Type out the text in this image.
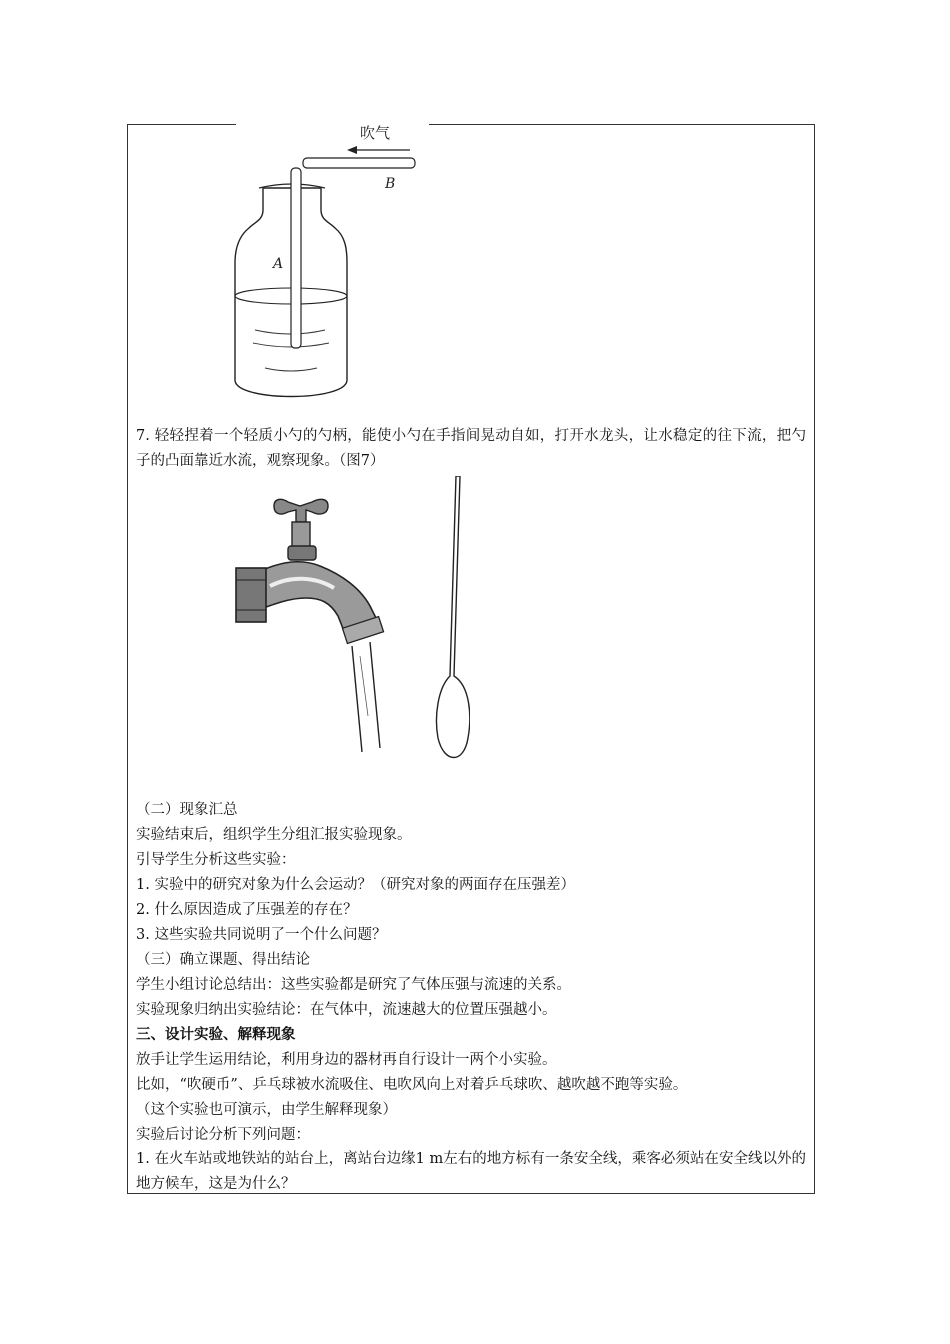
吹气
B
A
7. 轻轻捏着一个轻质小勺的勺柄，能使小勺在手指间晃动自如，打开水龙头，让水稳定的往下流，把勺子的凸面靠近水流，观察现象。（图7）
（二）现象汇总
实验结束后，组织学生分组汇报实验现象。
引导学生分析这些实验：
1. 实验中的研究对象为什么会运动？（研究对象的两面存在压强差）
2. 什么原因造成了压强差的存在？
3. 这些实验共同说明了一个什么问题？
（三）确立课题、得出结论
学生小组讨论总结出：这些实验都是研究了气体压强与流速的关系。
实验现象归纳出实验结论：在气体中，流速越大的位置压强越小。
三、设计实验、解释现象
放手让学生运用结论，利用身边的器材再自行设计一两个小实验。
比如，“吹硬币”、乒乓球被水流吸住、电吹风向上对着乒乓球吹、越吹越不跑等实验。
（这个实验也可演示，由学生解释现象）
实验后讨论分析下列问题：
1. 在火车站或地铁站的站台上，离站台边缘1 m左右的地方标有一条安全线，乘客必须站在安全线以外的地方候车，这是为什么？
